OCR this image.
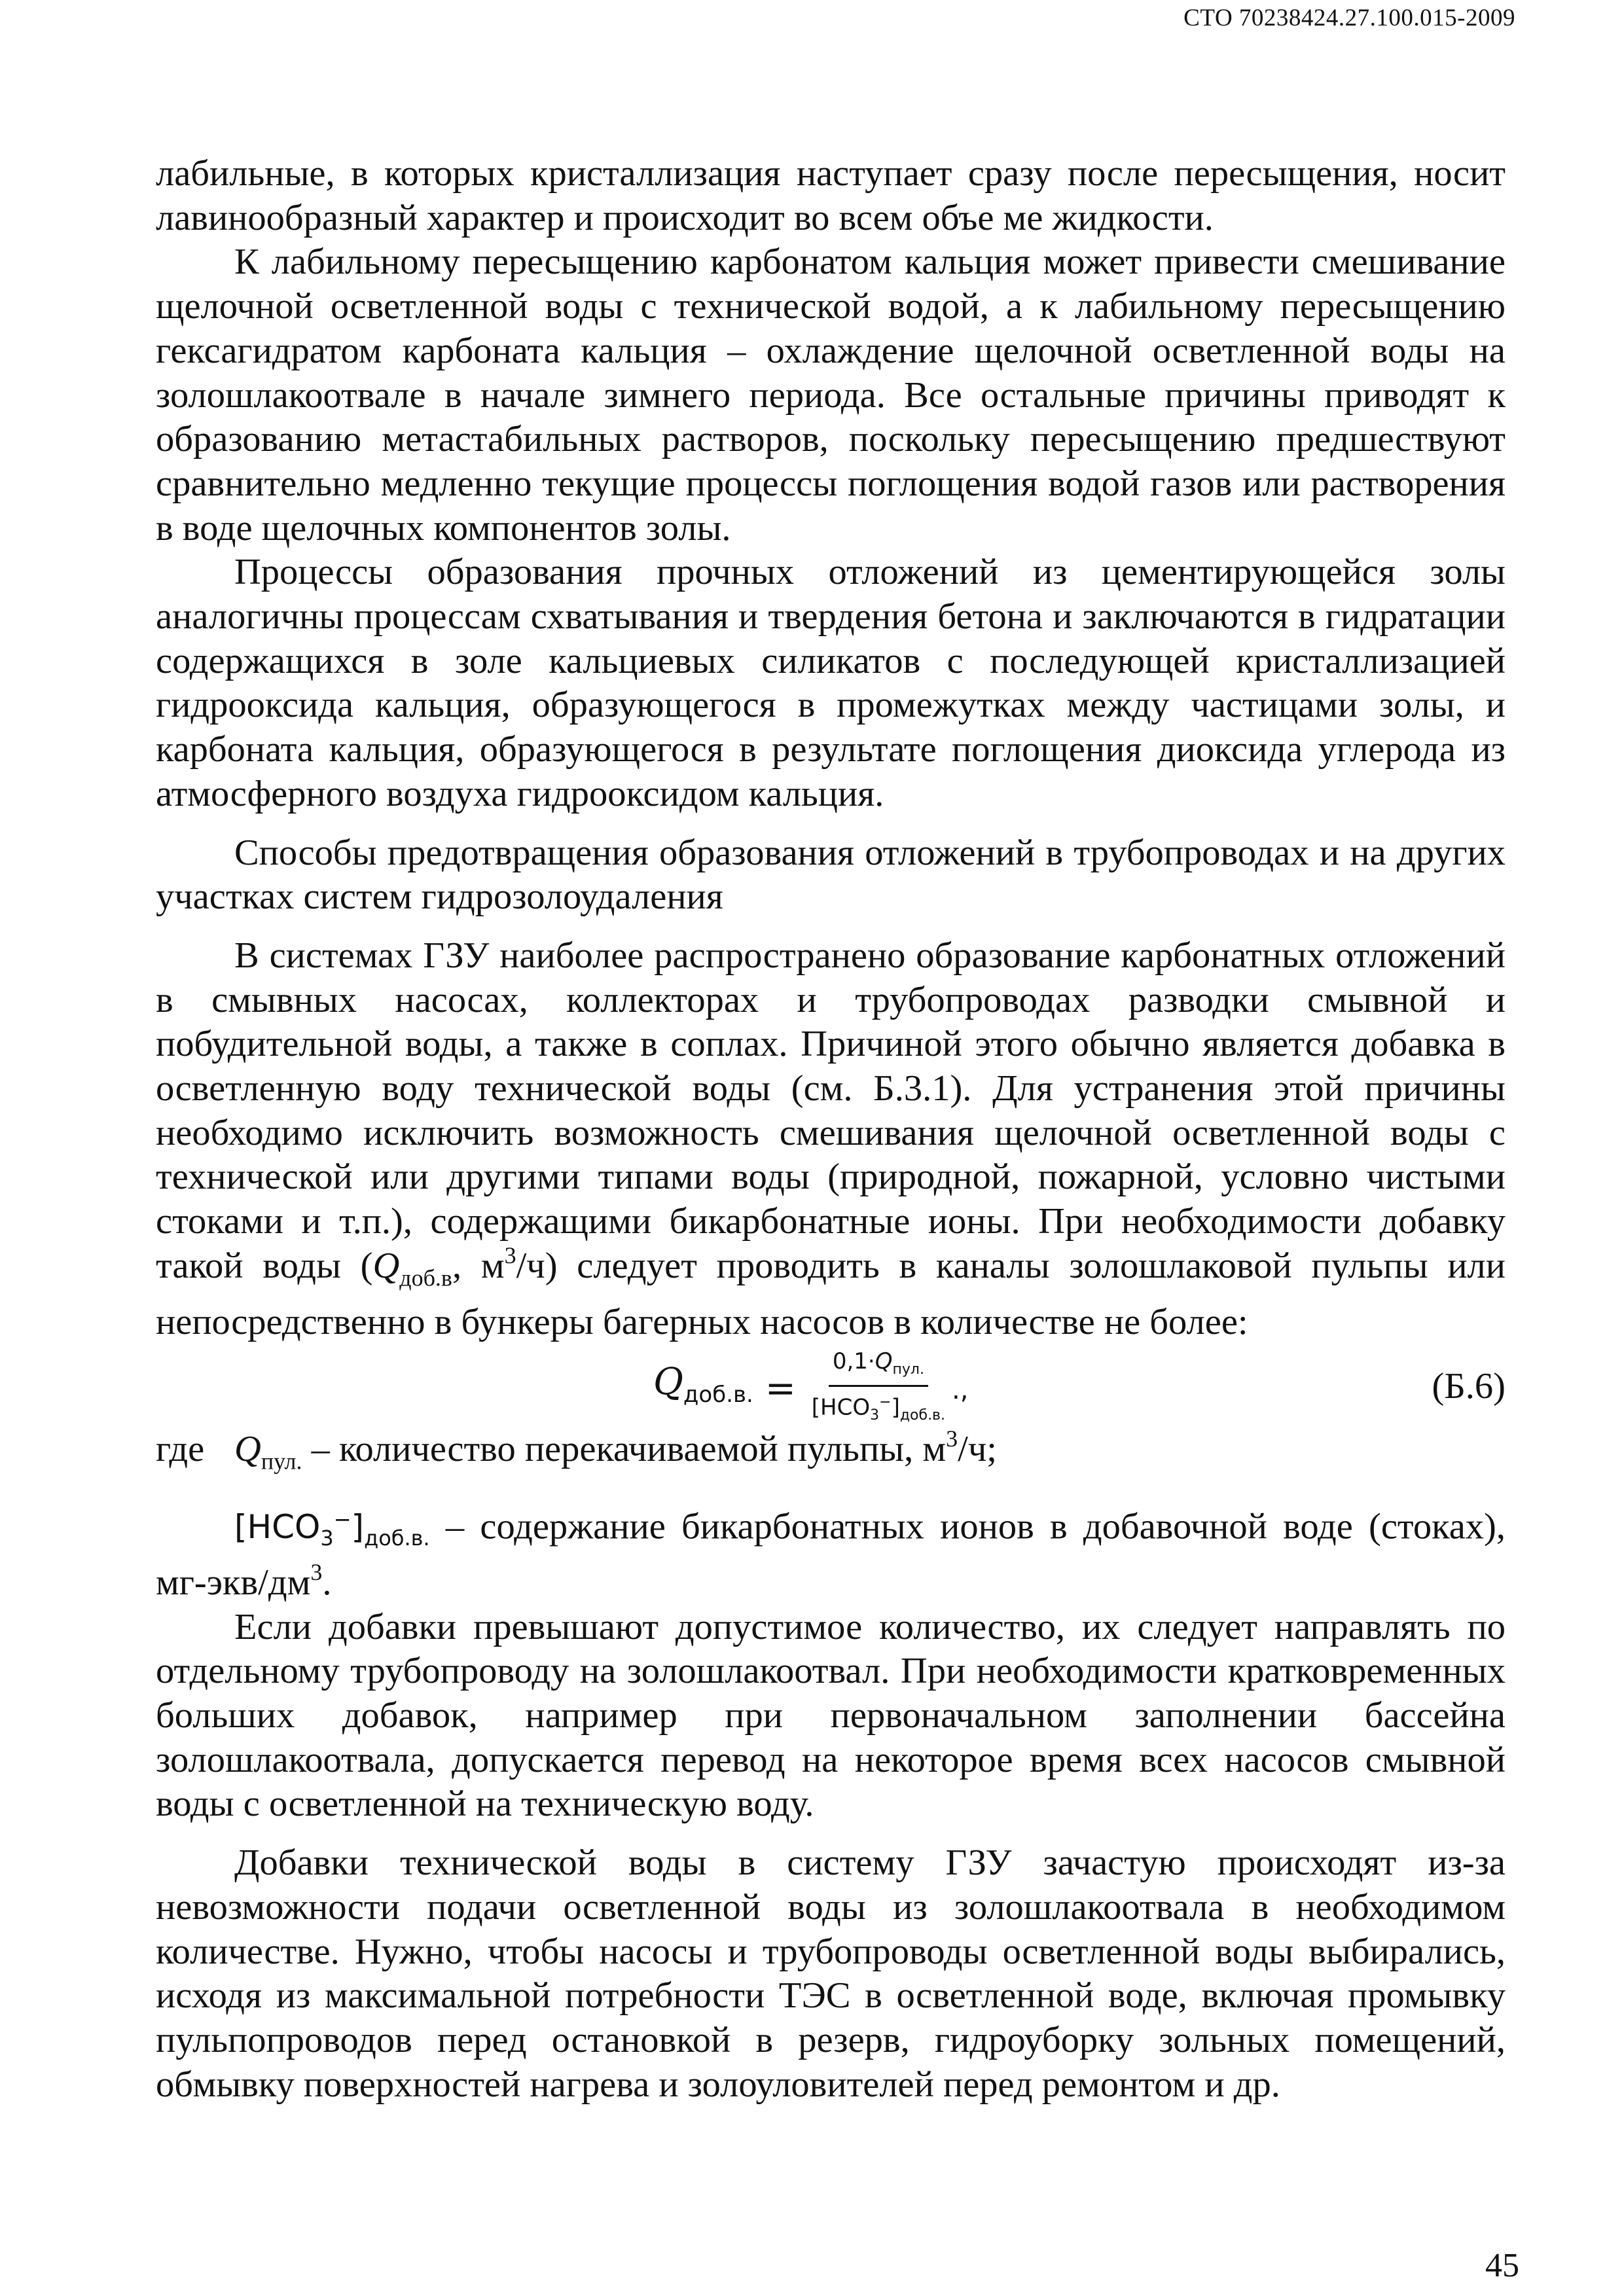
СТО 70238424.27.100.015-2009

лабильные, в которых кристаллизация наступает сразу после пересыщения, носит лавинообразный характер и происходит во всем объе ме жидкости.

К лабильному пересыщению карбонатом кальция может привести смешивание щелочной осветленной воды с технической водой, а к лабильному пересыщению гексагидратом карбоната кальция – охлаждение щелочной осветленной воды на золошлакоотвале в начале зимнего периода. Все остальные причины приводят к образованию метастабильных растворов, поскольку пересыщению предшествуют сравнительно медленно текущие процессы поглощения водой газов или растворения в воде щелочных компонентов золы.

Процессы образования прочных отложений из цементирующейся золы аналогичны процессам схватывания и твердения бетона и заключаются в гидратации содержащихся в золе кальциевых силикатов с последующей кристаллизацией гидрооксида кальция, образующегося в промежутках между частицами золы, и карбоната кальция, образующегося в результате поглощения диоксида углерода из атмосферного воздуха гидрооксидом кальция.

Способы предотвращения образования отложений в трубопроводах и на других участках систем гидрозолоудаления

В системах ГЗУ наиболее распространено образование карбонатных отложений в смывных насосах, коллекторах и трубопроводах разводки смывной и побудительной воды, а также в соплах. Причиной этого обычно является добавка в осветленную воду технической воды (см. Б.3.1). Для устранения этой причины необходимо исключить возможность смешивания щелочной осветленной воды с технической или другими типами воды (природной, пожарной, условно чистыми стоками и т.п.), содержащими бикарбонатные ионы. При необходимости добавку такой воды ($Q_{доб.в}$, $м^3/ч$) следует проводить в каналы золошлаковой пульпы или непосредственно в бункеры багерных насосов в количестве не более:

$Q_{доб.в.} = \frac{0,1\cdot Q_{пул.}}{[HCO_3^-]_{доб.в.}}$ .,	(Б.6)

где $Q_{пул.}$ – количество перекачиваемой пульпы, $м^3/ч$;

$[HCO_3^-]_{доб.в.}$ – содержание бикарбонатных ионов в добавочной воде (стоках), $мг-экв/дм^3$.

Если добавки превышают допустимое количество, их следует направлять по отдельному трубопроводу на золошлакоотвал. При необходимости кратковременных больших добавок, например при первоначальном заполнении бассейна золошлакоотвала, допускается перевод на некоторое время всех насосов смывной воды с осветленной на техническую воду.

Добавки технической воды в систему ГЗУ зачастую происходят из-за невозможности подачи осветленной воды из золошлакоотвала в необходимом количестве. Нужно, чтобы насосы и трубопроводы осветленной воды выбирались, исходя из максимальной потребности ТЭС в осветленной воде, включая промывку пульпопроводов перед остановкой в резерв, гидроуборку зольных помещений, обмывку поверхностей нагрева и золоуловителей перед ремонтом и др.

45
